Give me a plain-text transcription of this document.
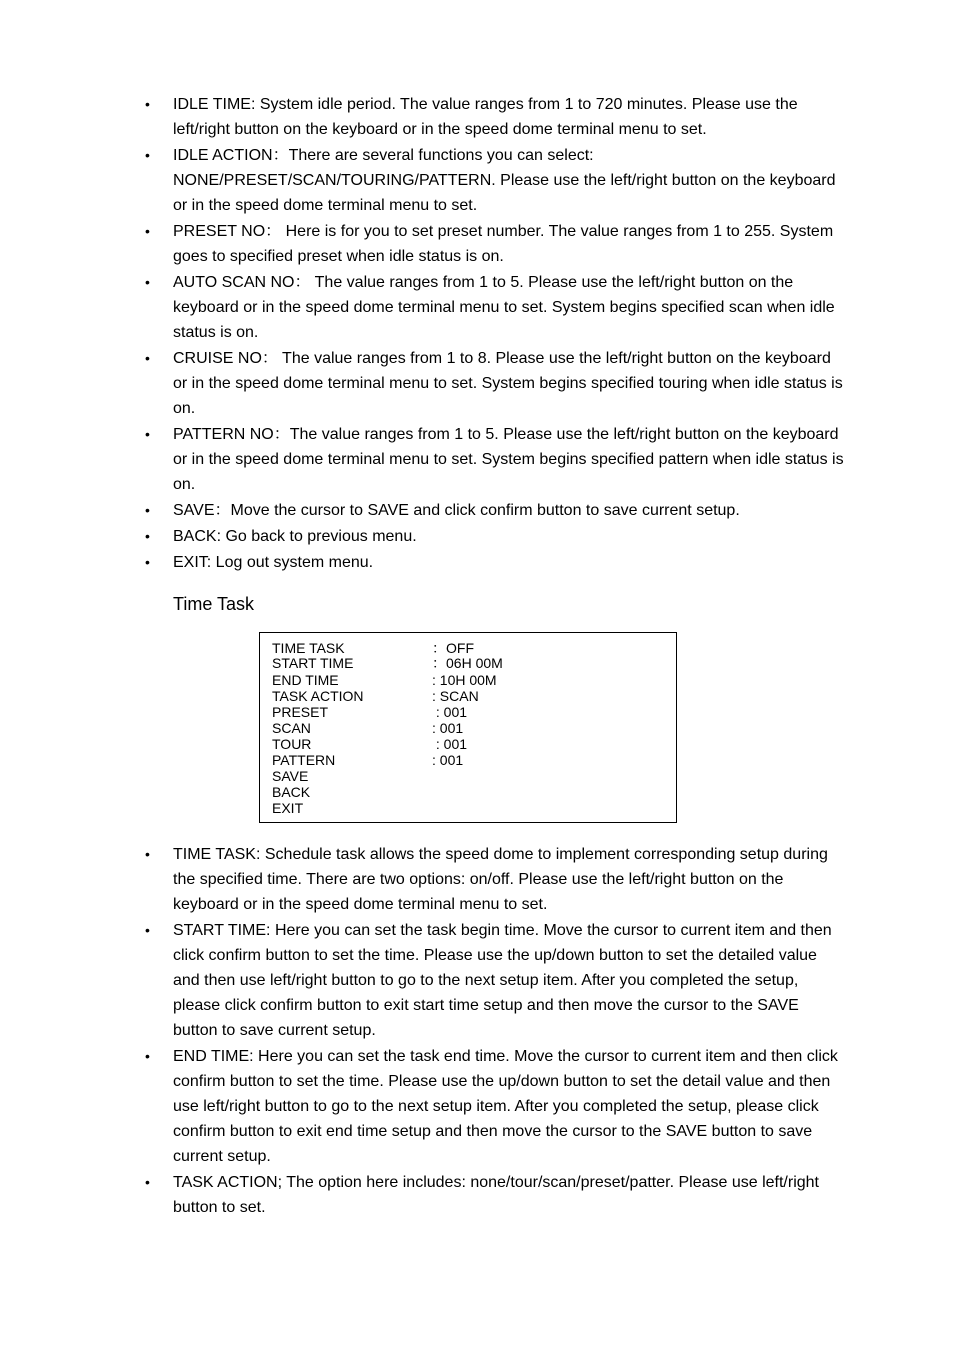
•	IDLE TIME: System idle period. The value ranges from 1 to 720 minutes. Please use the left/right button on the keyboard or in the speed dome terminal menu to set.
•	IDLE ACTION：There are several functions you can select: NONE/PRESET/SCAN/TOURING/PATTERN. Please use the left/right button on the keyboard or in the speed dome terminal menu to set.
•	PRESET NO： Here is for you to set preset number. The value ranges from 1 to 255. System goes to specified preset when idle status is on.
•	AUTO SCAN NO： The value ranges from 1 to 5. Please use the left/right button on the keyboard or in the speed dome terminal menu to set. System begins specified scan when idle status is on.
•	CRUISE NO： The value ranges from 1 to 8. Please use the left/right button on the keyboard or in the speed dome terminal menu to set. System begins specified touring when idle status is on.
•	PATTERN NO：The value ranges from 1 to 5. Please use the left/right button on the keyboard or in the speed dome terminal menu to set. System begins specified pattern when idle status is on.
•	SAVE：Move the cursor to SAVE and click confirm button to save current setup.
•	BACK: Go back to previous menu.
•	EXIT: Log out system menu.
Time Task
TIME TASK	：OFF
START TIME	：06H 00M
END TIME	: 10H 00M
TASK ACTION	: SCAN
PRESET	: 001
SCAN	: 001
TOUR	: 001
PATTERN	: 001
SAVE
BACK
EXIT
•	TIME TASK: Schedule task allows the speed dome to implement corresponding setup during the specified time. There are two options: on/off. Please use the left/right button on the keyboard or in the speed dome terminal menu to set.
•	START TIME: Here you can set the task begin time. Move the cursor to current item and then click confirm button to set the time. Please use the up/down button to set the detailed value and then use left/right button to go to the next setup item. After you completed the setup, please click confirm button to exit start time setup and then move the cursor to the SAVE button to save current setup.
•	END TIME: Here you can set the task end time. Move the cursor to current item and then click confirm button to set the time. Please use the up/down button to set the detail value and then use left/right button to go to the next setup item. After you completed the setup, please click confirm button to exit end time setup and then move the cursor to the SAVE button to save current setup.
•	TASK ACTION; The option here includes: none/tour/scan/preset/patter. Please use left/right button to set.
